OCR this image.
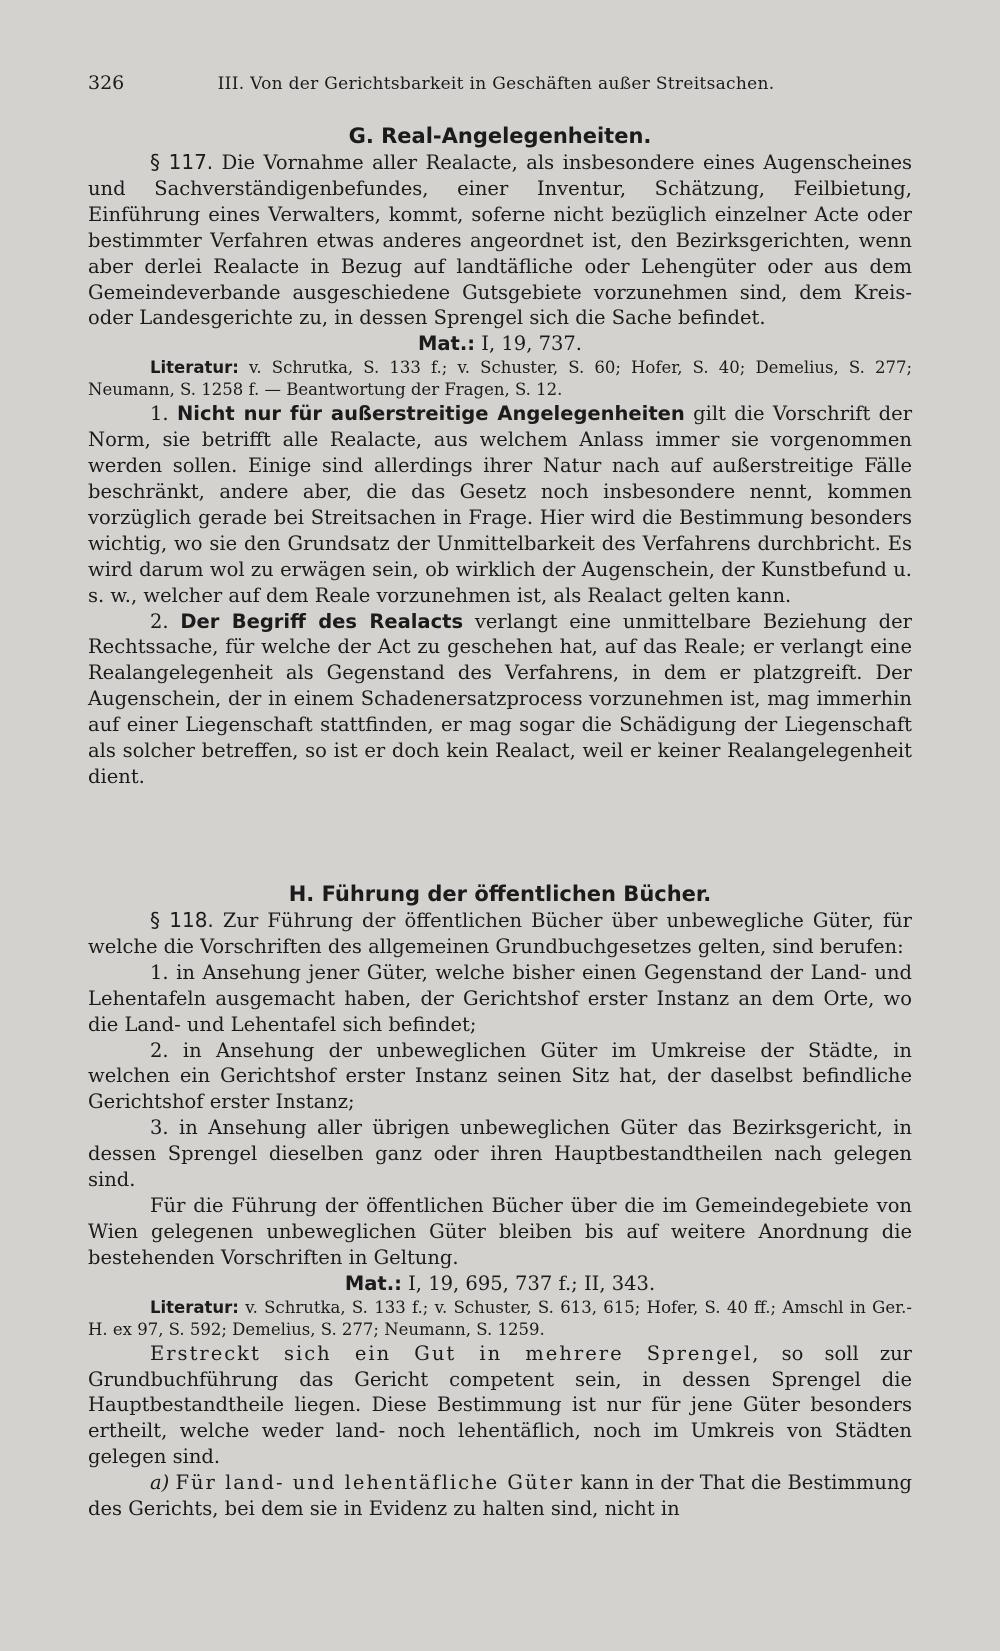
326	III. Von der Gerichtsbarkeit in Geschäften außer Streitsachen.

G. Real-Angelegenheiten.

§ 117. Die Vornahme aller Realacte, als insbesondere eines Augenscheines und Sachverständigenbefundes, einer Inventur, Schätzung, Feilbietung, Einführung eines Verwalters, kommt, soferne nicht bezüglich einzelner Acte oder bestimmter Verfahren etwas anderes angeordnet ist, den Bezirksgerichten, wenn aber derlei Realacte in Bezug auf landtäfliche oder Lehengüter oder aus dem Gemeindeverbande ausgeschiedene Gutsgebiete vorzunehmen sind, dem Kreis- oder Landesgerichte zu, in dessen Sprengel sich die Sache befindet.

Mat.: I, 19, 737.

Literatur: v. Schrutka, S. 133 f.; v. Schuster, S. 60; Hofer, S. 40; Demelius, S. 277; Neumann, S. 1258 f. — Beantwortung der Fragen, S. 12.

1. Nicht nur für außerstreitige Angelegenheiten gilt die Vorschrift der Norm, sie betrifft alle Realacte, aus welchem Anlass immer sie vorgenommen werden sollen. Einige sind allerdings ihrer Natur nach auf außerstreitige Fälle beschränkt, andere aber, die das Gesetz noch insbesondere nennt, kommen vorzüglich gerade bei Streitsachen in Frage. Hier wird die Bestimmung besonders wichtig, wo sie den Grundsatz der Unmittelbarkeit des Verfahrens durchbricht. Es wird darum wol zu erwägen sein, ob wirklich der Augenschein, der Kunstbefund u. s. w., welcher auf dem Reale vorzunehmen ist, als Realact gelten kann.

2. Der Begriff des Realacts verlangt eine unmittelbare Beziehung der Rechtssache, für welche der Act zu geschehen hat, auf das Reale; er verlangt eine Realangelegenheit als Gegenstand des Verfahrens, in dem er platzgreift. Der Augenschein, der in einem Schadenersatzprocess vorzunehmen ist, mag immerhin auf einer Liegenschaft stattfinden, er mag sogar die Schädigung der Liegenschaft als solcher betreffen, so ist er doch kein Realact, weil er keiner Realangelegenheit dient.

H. Führung der öffentlichen Bücher.

§ 118. Zur Führung der öffentlichen Bücher über unbewegliche Güter, für welche die Vorschriften des allgemeinen Grundbuchgesetzes gelten, sind berufen:

1. in Ansehung jener Güter, welche bisher einen Gegenstand der Land- und Lehentafeln ausgemacht haben, der Gerichtshof erster Instanz an dem Orte, wo die Land- und Lehentafel sich befindet;

2. in Ansehung der unbeweglichen Güter im Umkreise der Städte, in welchen ein Gerichtshof erster Instanz seinen Sitz hat, der daselbst befindliche Gerichtshof erster Instanz;

3. in Ansehung aller übrigen unbeweglichen Güter das Bezirksgericht, in dessen Sprengel dieselben ganz oder ihren Hauptbestandtheilen nach gelegen sind.

Für die Führung der öffentlichen Bücher über die im Gemeindegebiete von Wien gelegenen unbeweglichen Güter bleiben bis auf weitere Anordnung die bestehenden Vorschriften in Geltung.

Mat.: I, 19, 695, 737 f.; II, 343.

Literatur: v. Schrutka, S. 133 f.; v. Schuster, S. 613, 615; Hofer, S. 40 ff.; Amschl in Ger.-H. ex 97, S. 592; Demelius, S. 277; Neumann, S. 1259.

Erstreckt sich ein Gut in mehrere Sprengel, so soll zur Grundbuchführung das Gericht competent sein, in dessen Sprengel die Hauptbestandtheile liegen. Diese Bestimmung ist nur für jene Güter besonders ertheilt, welche weder land- noch lehentäflich, noch im Umkreis von Städten gelegen sind.

a) Für land- und lehentäfliche Güter kann in der That die Bestimmung des Gerichts, bei dem sie in Evidenz zu halten sind, nicht in
